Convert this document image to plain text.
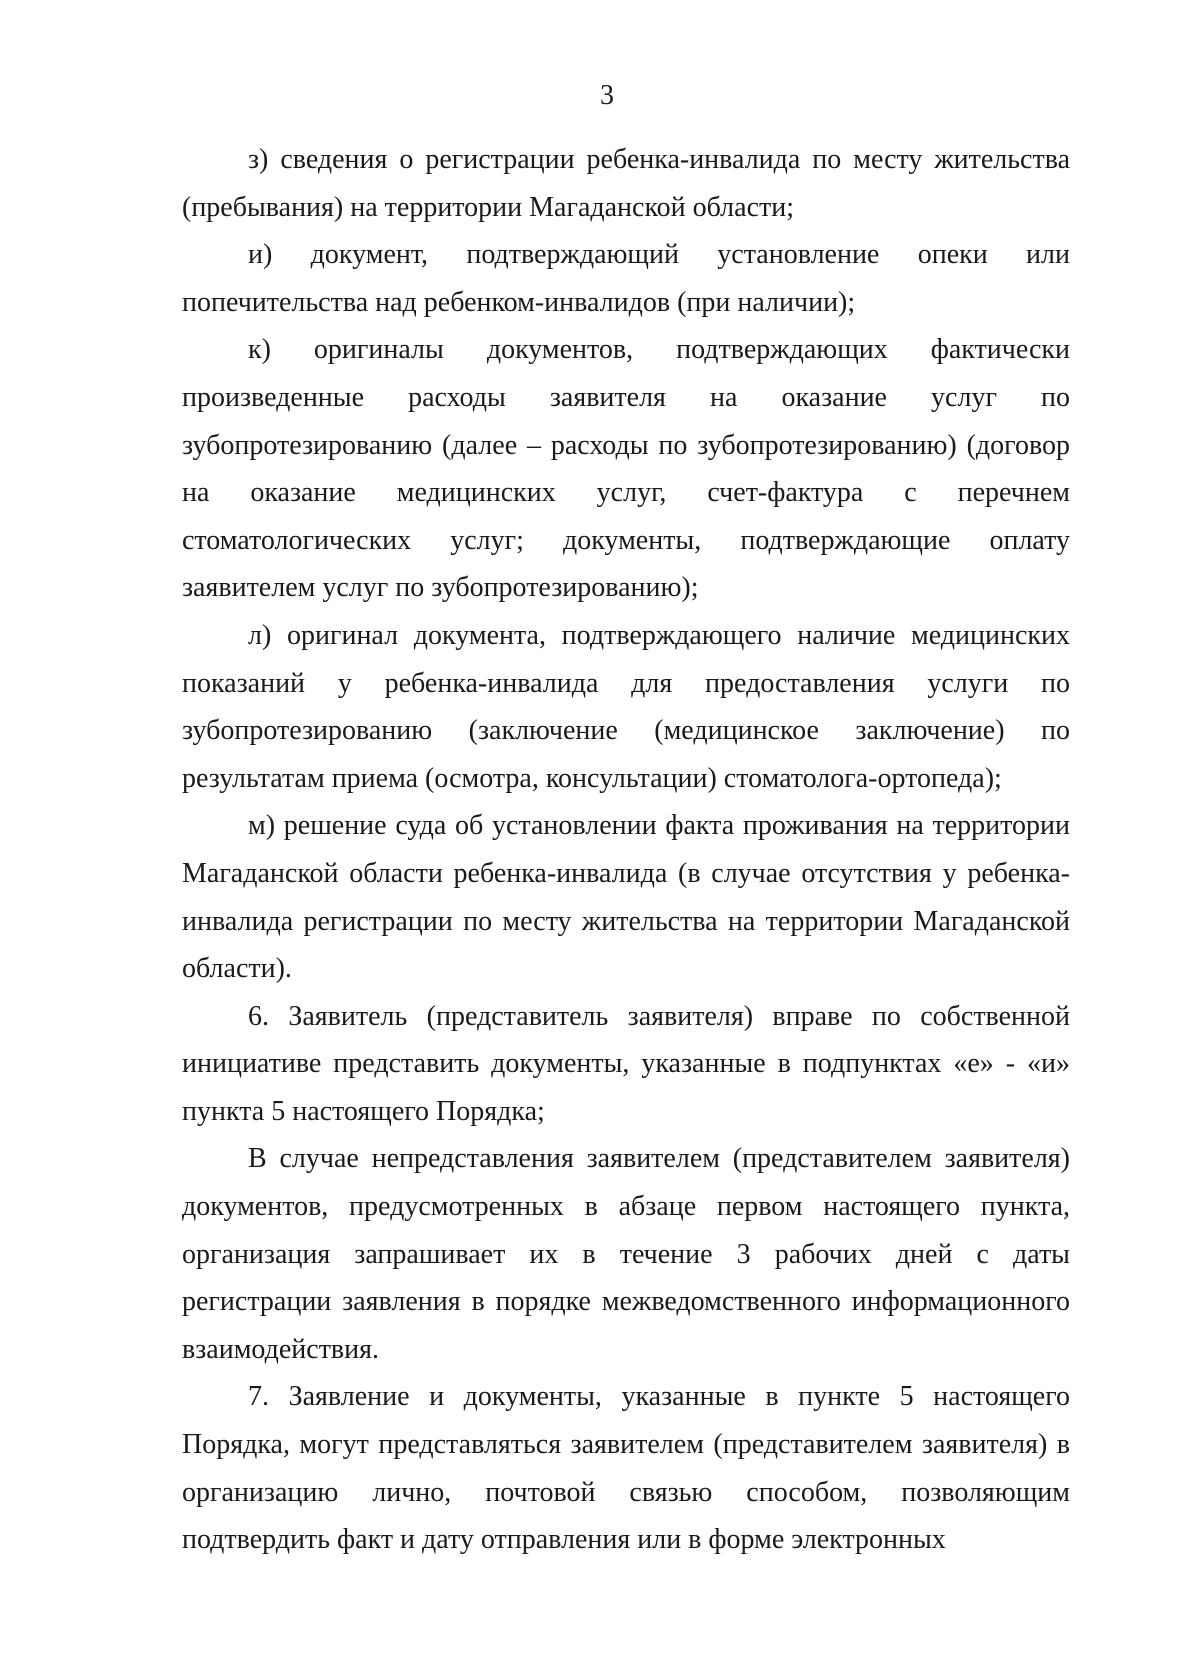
3

з) сведения о регистрации ребенка-инвалида по месту жительства (пребывания) на территории Магаданской области;

и) документ, подтверждающий установление опеки или попечительства над ребенком-инвалидов (при наличии);

к) оригиналы документов, подтверждающих фактически произведенные расходы заявителя на оказание услуг по зубопротезированию (далее – расходы по зубопротезированию) (договор на оказание медицинских услуг, счет-фактура с перечнем стоматологических услуг; документы, подтверждающие оплату заявителем услуг по зубопротезированию);

л) оригинал документа, подтверждающего наличие медицинских показаний у ребенка-инвалида для предоставления услуги по зубопротезированию (заключение (медицинское заключение) по результатам приема (осмотра, консультации) стоматолога-ортопеда);

м) решение суда об установлении факта проживания на территории Магаданской области ребенка-инвалида (в случае отсутствия у ребенка-инвалида регистрации по месту жительства на территории Магаданской области).

6. Заявитель (представитель заявителя) вправе по собственной инициативе представить документы, указанные в подпунктах «е» - «и» пункта 5 настоящего Порядка;

В случае непредставления заявителем (представителем заявителя) документов, предусмотренных в абзаце первом настоящего пункта, организация запрашивает их в течение 3 рабочих дней с даты регистрации заявления в порядке межведомственного информационного взаимодействия.

7. Заявление и документы, указанные в пункте 5 настоящего Порядка, могут представляться заявителем (представителем заявителя) в организацию лично, почтовой связью способом, позволяющим подтвердить факт и дату отправления или в форме электронных
